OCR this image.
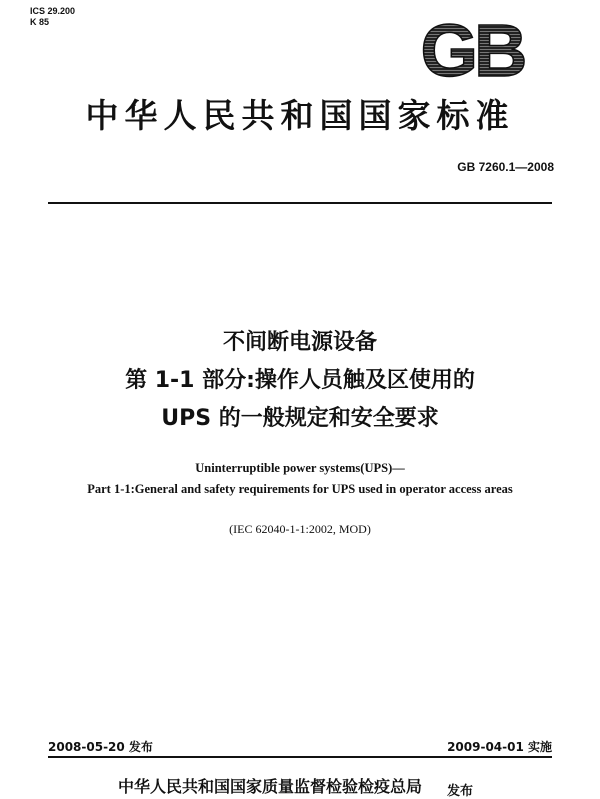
ICS 29.200
K 85	GB
中华人民共和国国家标准
GB 7260.1—2008
不间断电源设备
第 1-1 部分:操作人员触及区使用的
UPS 的一般规定和安全要求
Uninterruptible power systems(UPS)—
Part 1-1:General and safety requirements for UPS used in operator access areas
(IEC 62040-1-1:2002, MOD)
2008-05-20 发布	2009-04-01 实施
中华人民共和国国家质量监督检验检疫总局 发布
